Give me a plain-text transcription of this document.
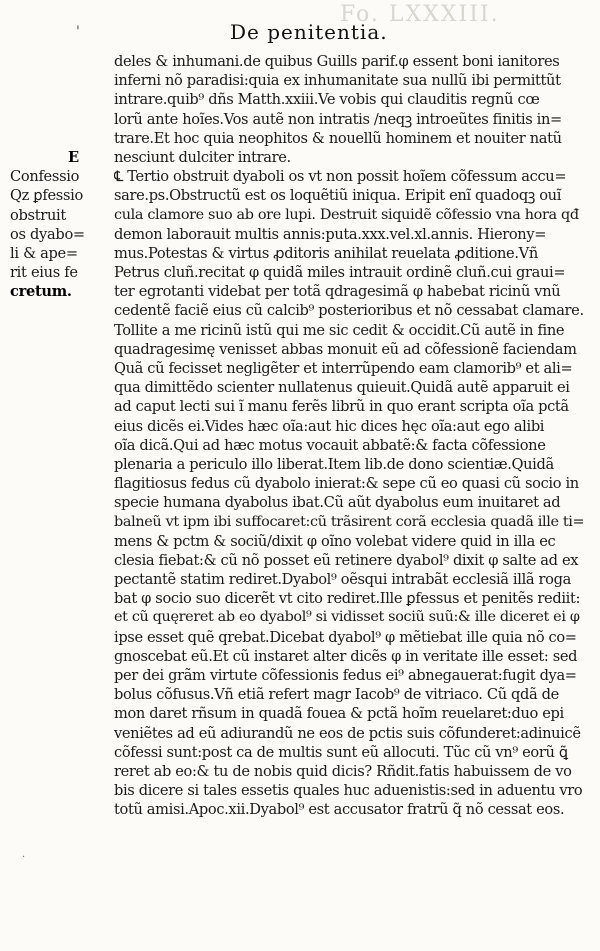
Fo. LXXXIII.
'	De penitentia.
deles & inhumani.de quibus Guills parif.φ essent boni ianitores
inferni nõ paradisi:quia ex inhumanitate sua nullũ ibi permittũt
intrare.quib⁹ dñs Matth.xxiii.Ve vobis qui clauditis regnũ cœ
lorũ ante hoĩes.Vos autẽ non intratis /neqꝫ introeũtes finitis in=
trare.Et hoc quia neophitos & nouellũ hominem et nouiter natũ
nesciunt dulciter intrare.
℄ Tertio obstruit dyaboli os vt non possit hoĩem cõfessum accu=
sare.ps.Obstructũ est os loquẽtiũ iniqua. Eripit enĩ quadoqꝫ ouĩ
cula clamore suo ab ore lupi. Destruit siquidẽ cõfessio vna hora qđ
demon laborauit multis annis:puta.xxx.vel.xl.annis. Hierony=
mus.Potestas & virtus ꝓditoris anihilat reuelata ꝓditione.Vñ
Petrus cluñ.recitat φ quidã miles intrauit ordinẽ cluñ.cui graui=
ter egrotanti videbat per totã qdragesimã φ habebat ricinũ vnũ
cedentẽ faciẽ eius cũ calcib⁹ posterioribus et nõ cessabat clamare.
Tollite a me ricinũ istũ qui me sic cedit & occidit.Cũ autẽ in fine
quadragesimę venisset abbas monuit eũ ad cõfessionẽ faciendam
Quã cũ fecisset negligẽter et interrũpendo eam clamorib⁹ et ali=
qua dimittẽdo scienter nullatenus quieuit.Quidã autẽ apparuit ei
ad caput lecti sui ĩ manu ferẽs librũ in quo erant scripta oĩa pctã
eius dicẽs ei.Vides hæc oĩa:aut hic dices hęc oĩa:aut ego alibi
oĩa dicã.Qui ad hæc motus vocauit abbatẽ:& facta cõfessione
plenaria a periculo illo liberat.Item lib.de dono scientiæ.Quidã
flagitiosus fedus cũ dyabolo inierat:& sepe cũ eo quasi cũ socio in
specie humana dyabolus ibat.Cũ aũt dyabolus eum inuitaret ad
balneũ vt ipm ibi suffocaret:cũ trãsirent corã ecclesia quadã ille ti=
mens & pctm & sociũ/dixit φ oĩno volebat videre quid in illa ec
clesia fiebat:& cũ nõ posset eũ retinere dyabol⁹ dixit φ salte ad ex
pectantẽ statim rediret.Dyabol⁹ oẽsqui intrabãt ecclesiã illã roga
bat φ socio suo dicerẽt vt cito rediret.Ille ꝑfessus et penitẽs rediit:
et cũ quęreret ab eo dyabol⁹ si vidisset sociũ suũ:& ille diceret ei φ
ipse esset quẽ qrebat.Dicebat dyabol⁹ φ mẽtiebat ille quia nõ co=
gnoscebat eũ.Et cũ instaret alter dicẽs φ in veritate ille esset: sed
per dei grãm virtute cõfessionis fedus ei⁹ abnegauerat:fugit dya=
bolus cõfusus.Vñ etiã refert magr Iacob⁹ de vitriaco. Cũ qdã de
mon daret rñsum in quadã fouea & pctã hoĩm reuelaret:duo epi
veniẽtes ad eũ adiurandũ ne eos de pctis suis cõfunderet:adinuicẽ
cõfessi sunt:post ca de multis sunt eũ allocuti. Tũc cũ vn⁹ eorũ ꝗ̃
reret ab eo:& tu de nobis quid dicis? Rñdit.fatis habuissem de vo
bis dicere si tales essetis quales huc aduenistis:sed in aduentu vro
totũ amisi.Apoc.xii.Dyabol⁹ est accusator fratrũ q̃ nõ cessat eos.
E
Confessio
Qz ꝑfessio
obstruit
os dyabo=
li & ape=
rit eius fe
cretum.
·
